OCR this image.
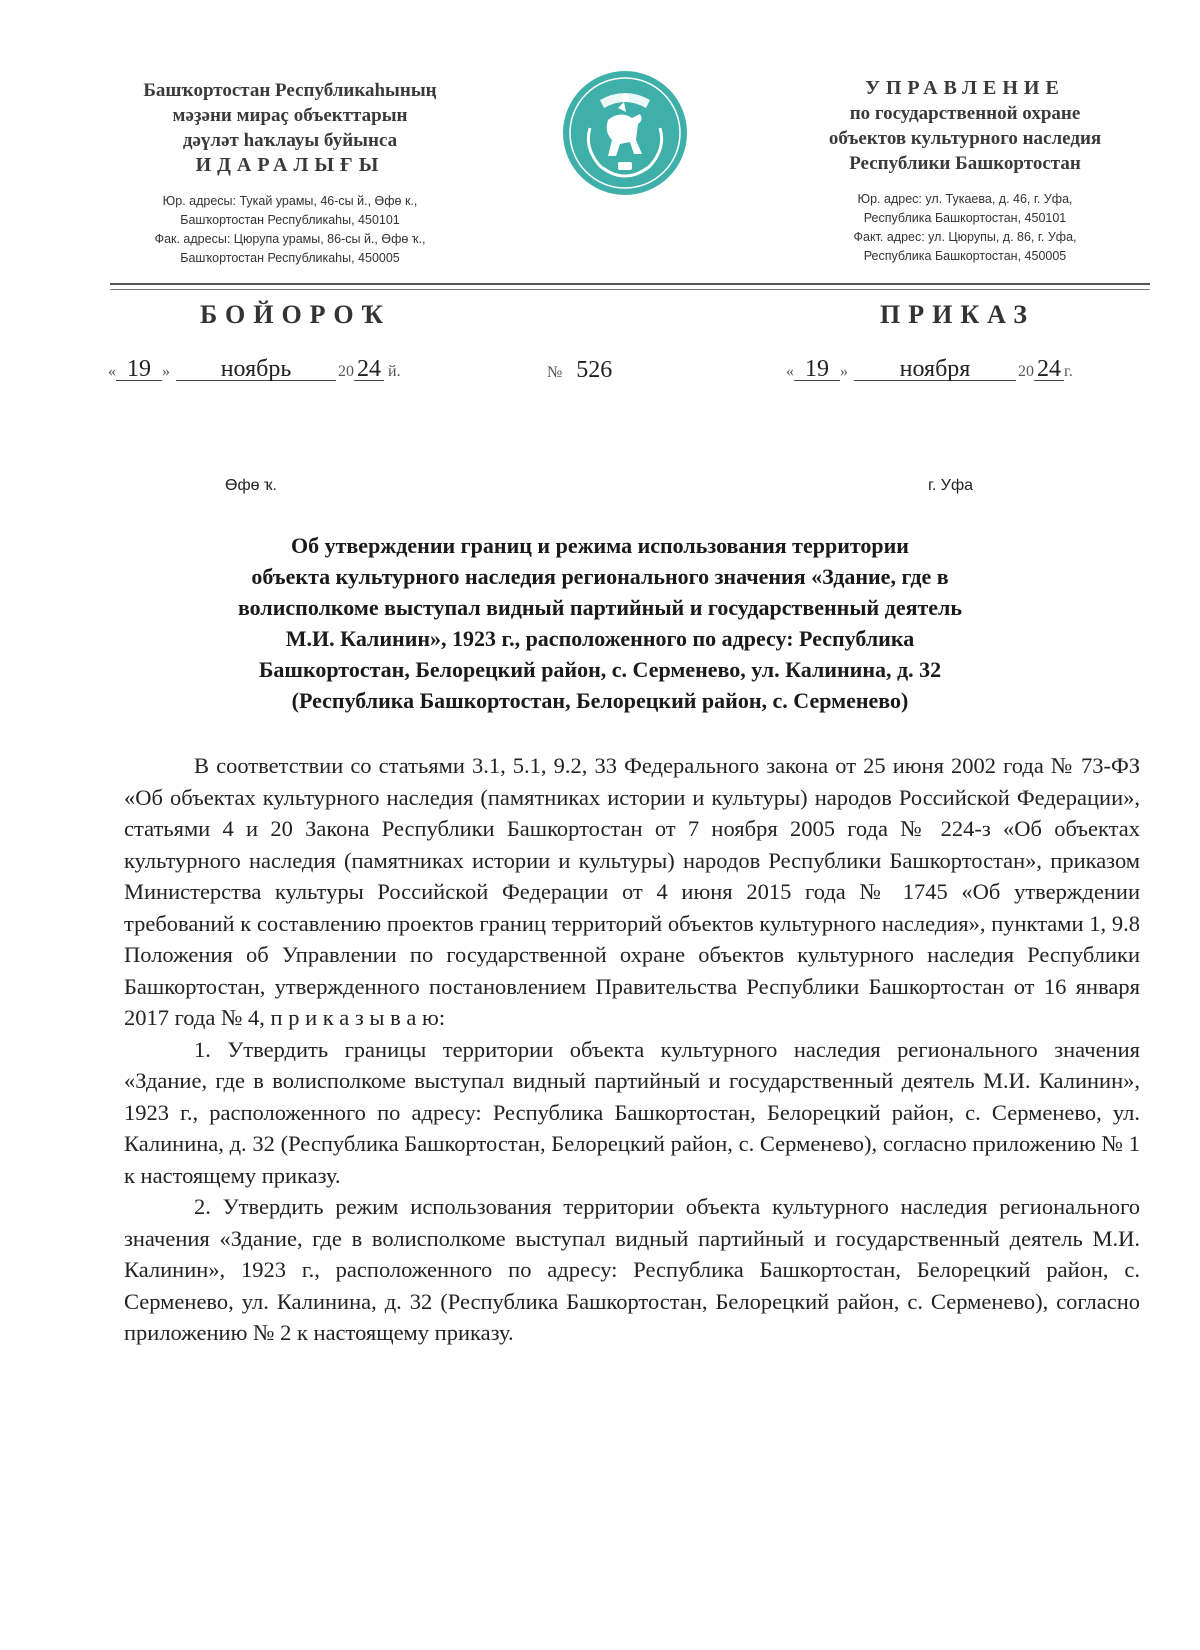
Башҡортостан Республикаһының
мәҙәни мираҫ объекттарын
дәүләт һаҡлауы буйынса
ИДАРАЛЫҒЫ
Юр. адресы: Тукай урамы, 46-сы й., Өфө к.,
Башҡортостан Республикаһы, 450101
Фак. адресы: Цюрупа урамы, 86-сы й., Өфө ҡ.,
Башҡортостан Республикаһы, 450005
УПРАВЛЕНИЕ
по государственной охране
объектов культурного наследия
Республики Башкортостан
Юр. адрес: ул. Тукаева, д. 46, г. Уфа,
Республика Башкортостан, 450101
Факт. адрес: ул. Цюрупы, д. 86, г. Уфа,
Республика Башкортостан, 450005
БОЙОРОҠ	ПРИКАЗ
« 19 » ноябрь	20 24 й.	№ 526	« 19 » ноября	20 24 г.
Өфө ҡ.	г. Уфа
Об утверждении границ и режима использования территории
объекта культурного наследия регионального значения «Здание, где в
волисполкоме выступал видный партийный и государственный деятель
М.И. Калинин», 1923 г., расположенного по адресу: Республика
Башкортостан, Белорецкий район, с. Серменево, ул. Калинина, д. 32
(Республика Башкортостан, Белорецкий район, с. Серменево)

В соответствии со статьями 3.1, 5.1, 9.2, 33 Федерального закона от 25 июня 2002 года № 73-ФЗ «Об объектах культурного наследия (памятниках истории и культуры) народов Российской Федерации», статьями 4 и 20 Закона Республики Башкортостан от 7 ноября 2005 года № 224-з «Об объектах культурного наследия (памятниках истории и культуры) народов Республики Башкортостан», приказом Министерства культуры Российской Федерации от 4 июня 2015 года № 1745 «Об утверждении требований к составлению проектов границ территорий объектов культурного наследия», пунктами 1, 9.8 Положения об Управлении по государственной охране объектов культурного наследия Республики Башкортостан, утвержденного постановлением Правительства Республики Башкортостан от 16 января 2017 года № 4, п р и к а з ы в а ю:

1. Утвердить границы территории объекта культурного наследия регионального значения «Здание, где в волисполкоме выступал видный партийный и государственный деятель М.И. Калинин», 1923 г., расположенного по адресу: Республика Башкортостан, Белорецкий район, с. Серменево, ул. Калинина, д. 32 (Республика Башкортостан, Белорецкий район, с. Серменево), согласно приложению № 1 к настоящему приказу.

2. Утвердить режим использования территории объекта культурного наследия регионального значения «Здание, где в волисполкоме выступал видный партийный и государственный деятель М.И. Калинин», 1923 г., расположенного по адресу: Республика Башкортостан, Белорецкий район, с. Серменево, ул. Калинина, д. 32 (Республика Башкортостан, Белорецкий район, с. Серменево), согласно приложению № 2 к настоящему приказу.
